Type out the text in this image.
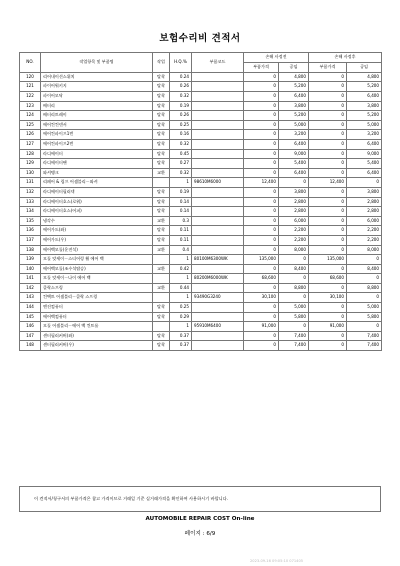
보험수리비 견적서
NO.	작업항목 및 부품명	작업	H.Q.%	부품코드	손해 사정전		손해 사정후	
					부품가격	공임	부품가격	공임
120	리어내이션스위치	탈착	0.24		0	4,800	0	4,800
121	파이어워키지	탈착	0.26		0	5,200	0	5,200
122	파이어모닥	탈착	0.32		0	6,400	0	6,400
123	배터리	탈착	0.19		0	3,800	0	3,800
124	배터리트레이	탈착	0.26		0	5,200	0	5,200
125	에어컨컨덴서	탈착	0.25		0	5,000	0	5,000
126	에어컨파이프1번	탈착	0.16		0	3,200	0	3,200
127	에어컨파이프2번	탈착	0.32		0	6,400	0	6,400
128	라디에이터	탈착	0.45		0	9,000	0	9,000
129	라디에이터팬	탈착	0.27		0	5,400	0	5,400
130	와셔탱크	교환	0.32		0	6,400	0	6,400
131	리페어 & 림프 어셈블리－와셔		1	98610M6000	12,400	0	12,400	0
132	라디에이터필러넥	탈착	0.19		0	3,800	0	3,800
133	라디에이터호스(로워)	탈착	0.14		0	2,800	0	2,800
134	라디에이터호스(어퍼)	탈착	0.14		0	2,800	0	2,800
135	냉각수	교환	0.3		0	6,000	0	6,000
136	에어가드(좌)	탈착	0.11		0	2,200	0	2,200
137	에어가드(우)	탈착	0.11		0	2,200	0	2,200
138	에어백모듈(운전석)	교환	0.4		0	8,000	0	8,000
139	모듈 앗세이－스티어링 휠 에어 백		1	80100M6300WK	135,000	0	135,000	0
140	에어백모듈(조수석탑승)	교환	0.42		0	8,400	0	8,400
141	모듈 앗세이－나이 에어 백		1	80200M6000WK	68,600	0	68,600	0
142	클락스프링	교환	0.44		0	8,800	0	8,800
143	컨택트 어셈블리－클락 스프링		1	93490G3240	30,100	0	30,100	0
144	엔진컴퓨터	탈착	0.25		0	5,000	0	5,000
145	에어백컴퓨터	탈착	0.29		0	5,800	0	5,800
146	모듈 어셈블리－에어 백 컨트롤		1	95910M6400	91,000	0	91,000	0
147	센터필러커버(좌)	탈착	0.37		0	7,400	0	7,400
148	센터필러커버(우)	탈착	0.37		0	7,400	0	7,400
이 견적서/청구서의 부품가격은 참고 가격이므로 거래일 기준 실거래가격을 확인하여 사용하시기 바랍니다.
AUTOMOBILE REPAIR COST On-line
페이지 : 6/9
2023-09-16 09:05:10 071405
